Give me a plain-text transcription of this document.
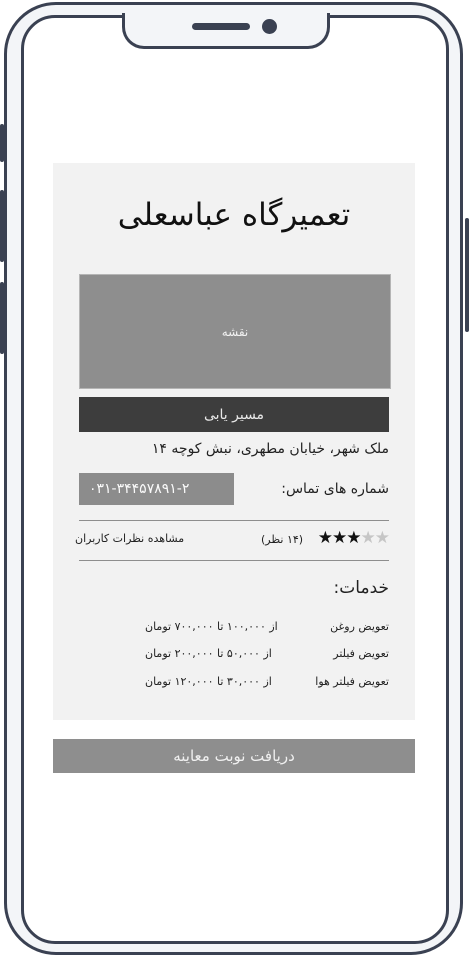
تعمیرگاه عباسعلی
نقشه
مسیر یابی
ملک شهر، خیابان مطهری، نبش کوچه ۱۴
شماره های تماس:
۰۳۱-۳۴۴۵۷۸۹۱-۲
★★★★★
(۱۴ نظر)
مشاهده نظرات کاربران
خدمات:
تعویض روغن
از ۱۰۰,۰۰۰ تا ۷۰۰,۰۰۰ تومان
تعویض فیلتر
از ۵۰,۰۰۰ تا ۲۰۰,۰۰۰ تومان
تعویض فیلتر هوا
از ۳۰,۰۰۰ تا ۱۲۰,۰۰۰ تومان
دریافت نوبت معاینه
